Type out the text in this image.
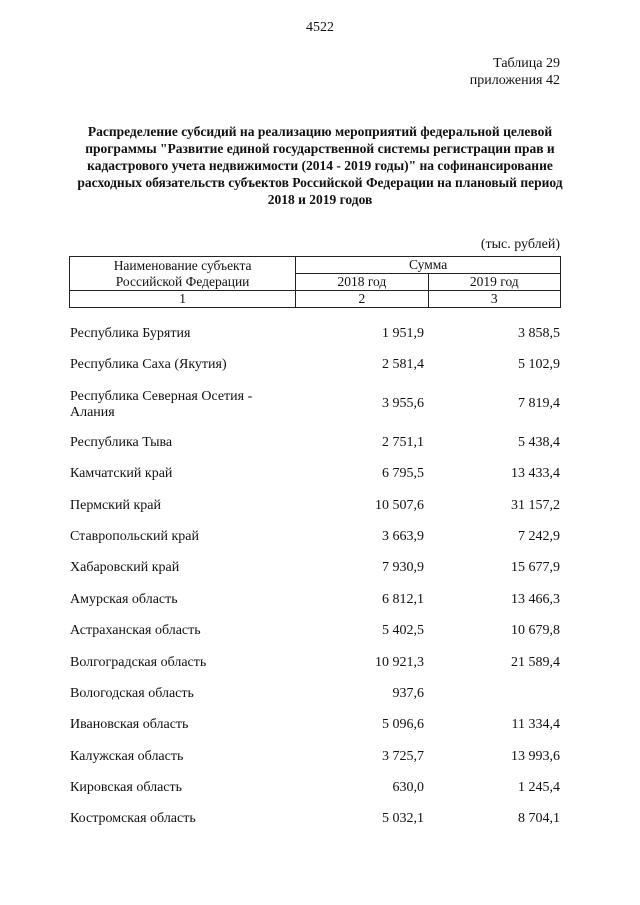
4522
Таблица 29
приложения 42
Распределение субсидий на реализацию мероприятий федеральной целевой программы "Развитие единой государственной системы регистрации прав и кадастрового учета недвижимости (2014 - 2019 годы)" на софинансирование расходных обязательств субъектов Российской Федерации на плановый период 2018 и 2019 годов
(тыс. рублей)
Наименование субъекта
Российской Федерации	Сумма	
	2018 год	2019 год
1	2	3
Республика Бурятия	1 951,9	3 858,5
Республика Саха (Якутия)	2 581,4	5 102,9
Республика Северная Осетия - Алания
3 955,6	7 819,4
Республика Тыва	2 751,1	5 438,4
Камчатский край	6 795,5	13 433,4
Пермский край	10 507,6	31 157,2
Ставропольский край	3 663,9	7 242,9
Хабаровский край	7 930,9	15 677,9
Амурская область	6 812,1	13 466,3
Астраханская область	5 402,5	10 679,8
Волгоградская область	10 921,3	21 589,4
Вологодская область	937,6
Ивановская область	5 096,6	11 334,4
Калужская область	3 725,7	13 993,6
Кировская область	630,0	1 245,4
Костромская область	5 032,1	8 704,1
